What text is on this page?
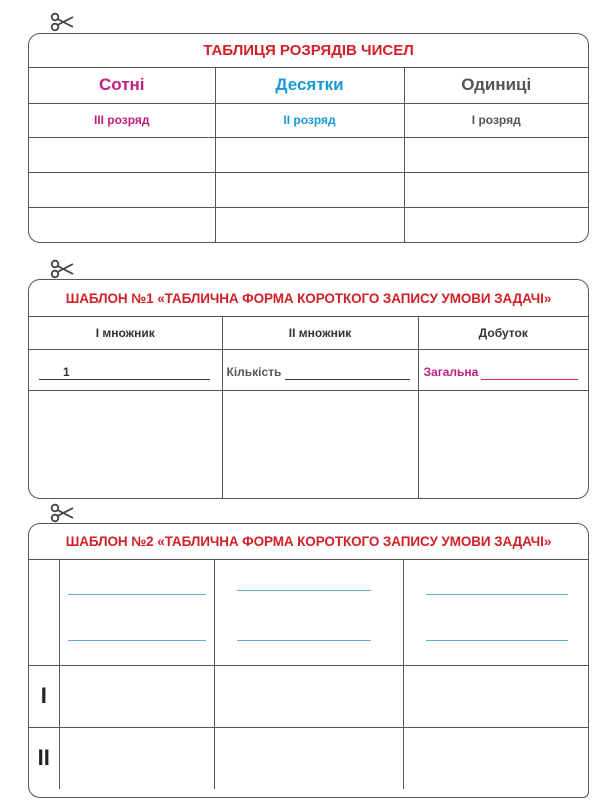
ТАБЛИЦЯ РОЗРЯДІВ ЧИСЕЛ
Сотні	Десятки	Одиниці
ІІІ розряд	ІІ розряд	І розряд

ШАБЛОН №1 «ТАБЛИЧНА ФОРМА КОРОТКОГО ЗАПИСУ УМОВИ ЗАДАЧІ»
І множник	ІІ множник	Добуток

1	Кількість	Загальна

ШАБЛОН №2 «ТАБЛИЧНА ФОРМА КОРОТКОГО ЗАПИСУ УМОВИ ЗАДАЧІ»

І			
ІІ			
